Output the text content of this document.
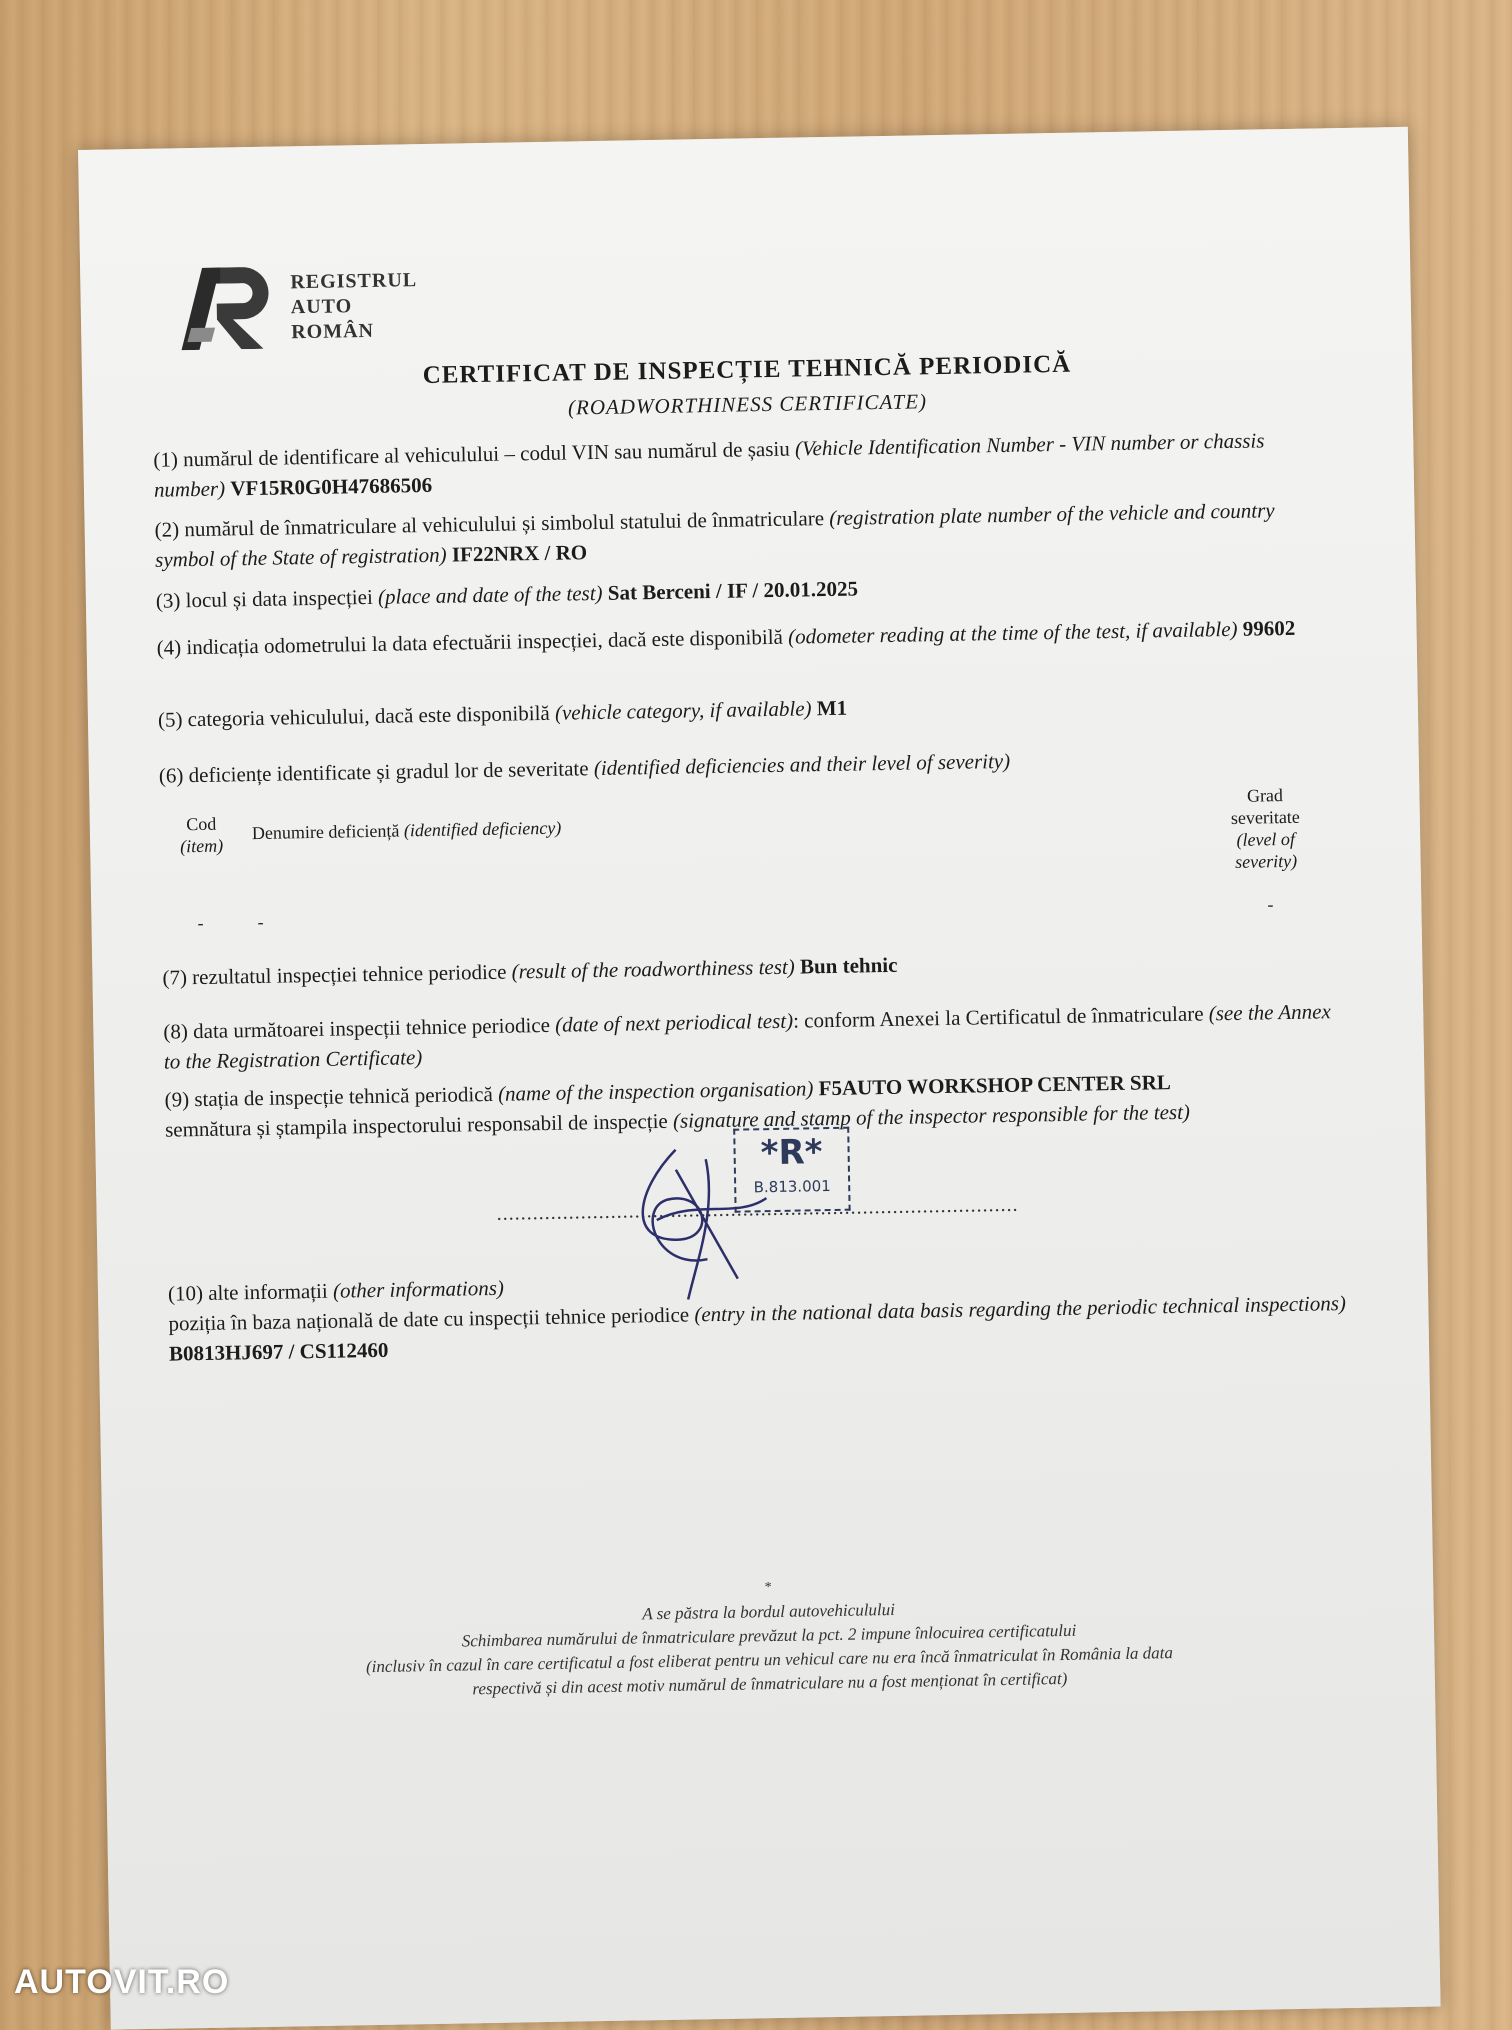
REGISTRUL
AUTO
ROMÂN
CERTIFICAT DE INSPECȚIE TEHNICĂ PERIODICĂ
(ROADWORTHINESS CERTIFICATE)
(1) numărul de identificare al vehiculului – codul VIN sau numărul de șasiu (Vehicle Identification Number - VIN number or chassis number) VF15R0G0H47686506
(2) numărul de înmatriculare al vehiculului și simbolul statului de înmatriculare (registration plate number of the vehicle and country symbol of the State of registration) IF22NRX / RO
(3) locul și data inspecției (place and date of the test) Sat Berceni / IF / 20.01.2025
(4) indicația odometrului la data efectuării inspecției, dacă este disponibilă (odometer reading at the time of the test, if available) 99602
(5) categoria vehiculului, dacă este disponibilă (vehicle category, if available) M1
(6) deficiențe identificate și gradul lor de severitate (identified deficiencies and their level of severity)
Cod
(item)
Denumire deficiență (identified deficiency)
Grad
severitate
(level of
severity)
-	-
-
(7) rezultatul inspecției tehnice periodice (result of the roadworthiness test) Bun tehnic
(8) data următoarei inspecții tehnice periodice (date of next periodical test): conform Anexei la Certificatul de înmatriculare (see the Annex to the Registration Certificate)
(9) stația de inspecție tehnică periodică (name of the inspection organisation) F5AUTO WORKSHOP CENTER SRL
semnătura și ștampila inspectorului responsabil de inspecție (signature and stamp of the inspector responsible for the test)
.......................................................................................
*R*
B.813.001
(10) alte informații (other informations)
poziția în baza națională de date cu inspecții tehnice periodice (entry in the national data basis regarding the periodic technical inspections) B0813HJ697 / CS112460
*
A se păstra la bordul autovehiculului
Schimbarea numărului de înmatriculare prevăzut la pct. 2 impune înlocuirea certificatului
(inclusiv în cazul în care certificatul a fost eliberat pentru un vehicul care nu era încă înmatriculat în România la data
respectivă și din acest motiv numărul de înmatriculare nu a fost menționat în certificat)
AUTOVIT.RO
